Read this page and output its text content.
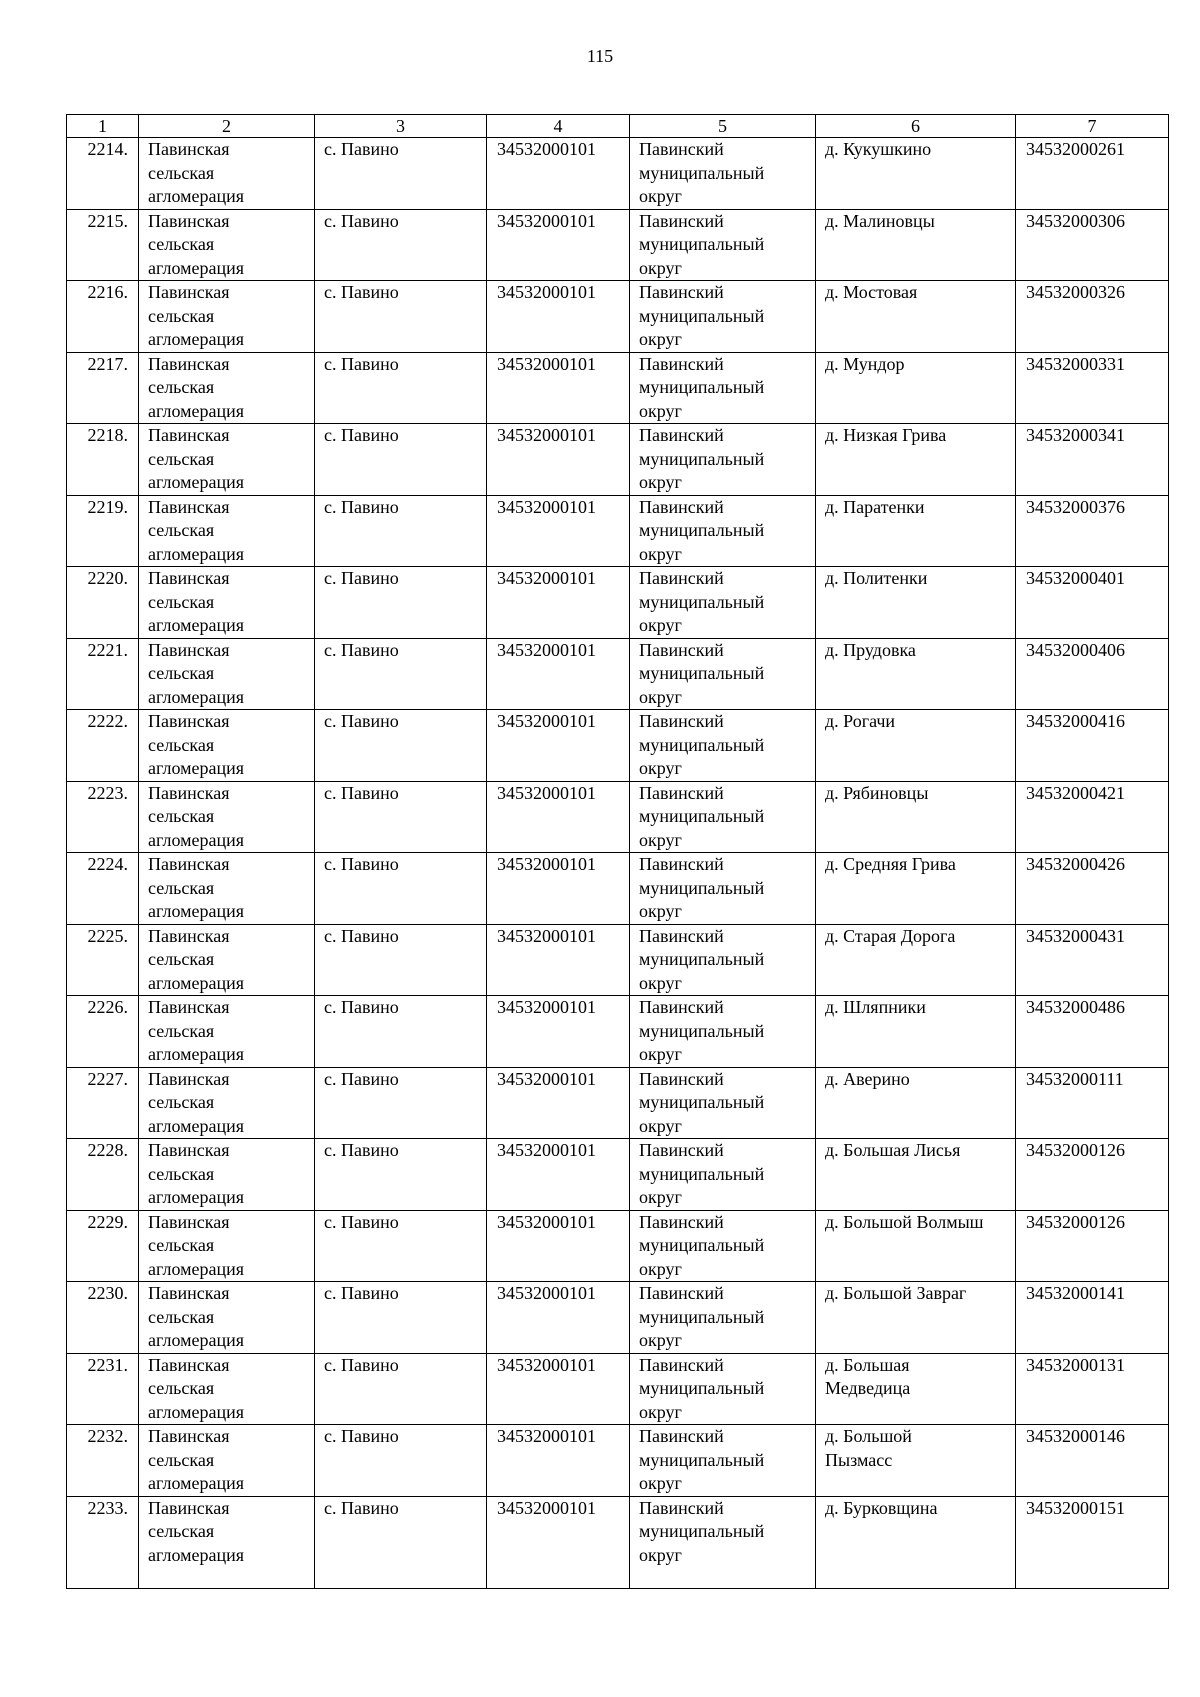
115
1	2	3	4	5	6	7

2214.	Павинская
сельская
агломерация	с. Павино	34532000101	Павинский
муниципальный
округ	д. Кукушкино	34532000261

2215.	Павинская
сельская
агломерация	с. Павино	34532000101	Павинский
муниципальный
округ	д. Малиновцы	34532000306

2216.	Павинская
сельская
агломерация	с. Павино	34532000101	Павинский
муниципальный
округ	д. Мостовая	34532000326

2217.	Павинская
сельская
агломерация	с. Павино	34532000101	Павинский
муниципальный
округ	д. Мундор	34532000331

2218.	Павинская
сельская
агломерация	с. Павино	34532000101	Павинский
муниципальный
округ	д. Низкая Грива	34532000341

2219.	Павинская
сельская
агломерация	с. Павино	34532000101	Павинский
муниципальный
округ	д. Паратенки	34532000376

2220.	Павинская
сельская
агломерация	с. Павино	34532000101	Павинский
муниципальный
округ	д. Политенки	34532000401

2221.	Павинская
сельская
агломерация	с. Павино	34532000101	Павинский
муниципальный
округ	д. Прудовка	34532000406

2222.	Павинская
сельская
агломерация	с. Павино	34532000101	Павинский
муниципальный
округ	д. Рогачи	34532000416

2223.	Павинская
сельская
агломерация	с. Павино	34532000101	Павинский
муниципальный
округ	д. Рябиновцы	34532000421

2224.	Павинская
сельская
агломерация	с. Павино	34532000101	Павинский
муниципальный
округ	д. Средняя Грива	34532000426

2225.	Павинская
сельская
агломерация	с. Павино	34532000101	Павинский
муниципальный
округ	д. Старая Дорога	34532000431

2226.	Павинская
сельская
агломерация	с. Павино	34532000101	Павинский
муниципальный
округ	д. Шляпники	34532000486

2227.	Павинская
сельская
агломерация	с. Павино	34532000101	Павинский
муниципальный
округ	д. Аверино	34532000111

2228.	Павинская
сельская
агломерация	с. Павино	34532000101	Павинский
муниципальный
округ	д. Большая Лисья	34532000126

2229.	Павинская
сельская
агломерация	с. Павино	34532000101	Павинский
муниципальный
округ	д. Большой Волмыш	34532000126

2230.	Павинская
сельская
агломерация	с. Павино	34532000101	Павинский
муниципальный
округ	д. Большой Завраг	34532000141

2231.	Павинская
сельская
агломерация	с. Павино	34532000101	Павинский
муниципальный
округ	д. Большая
Медведица	34532000131

2232.	Павинская
сельская
агломерация	с. Павино	34532000101	Павинский
муниципальный
округ	д. Большой
Пызмасс	34532000146

2233.	Павинская
сельская
агломерация	с. Павино	34532000101	Павинский
муниципальный
округ	д. Бурковщина	34532000151
